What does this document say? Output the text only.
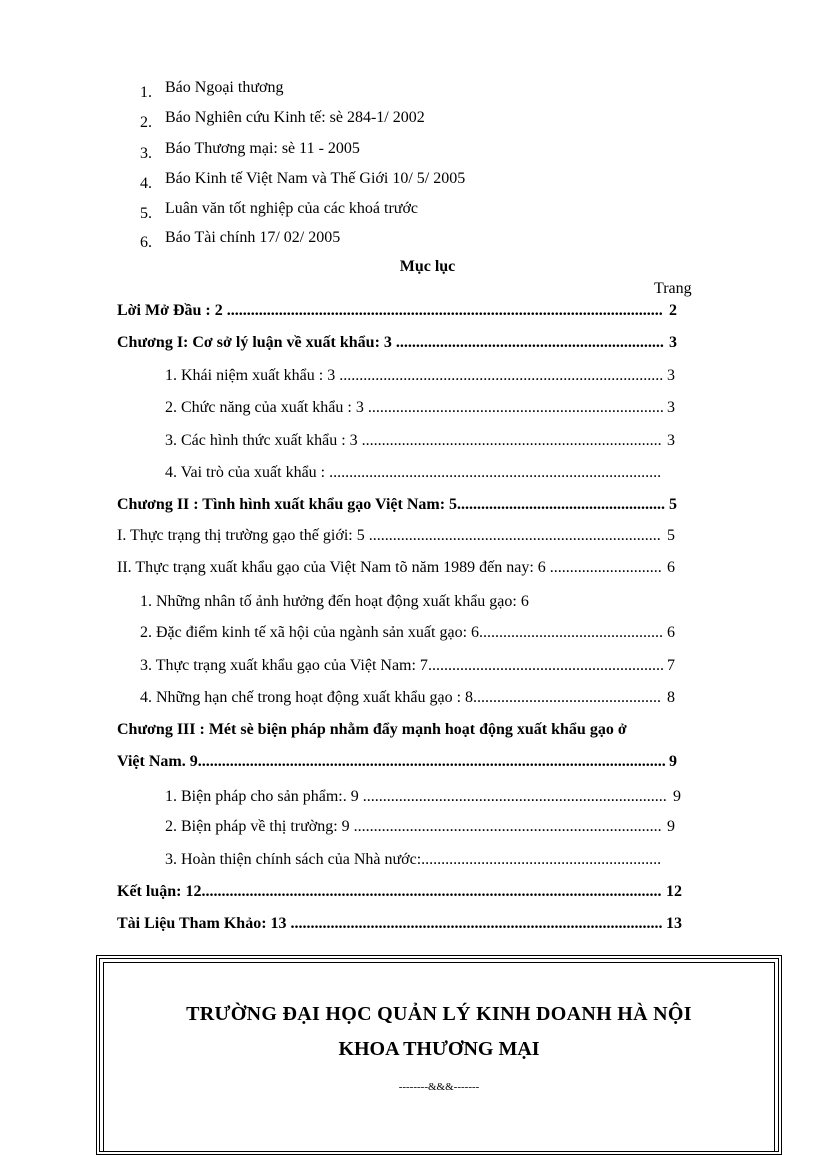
1. Báo Ngoại thương
2. Báo Nghiên cứu Kinh tế: sè 284-1/ 2002
3. Báo Thương mại: sè 11 - 2005
4. Báo Kinh tế Việt Nam và Thế Giới 10/ 5/ 2005
5. Luân văn tốt nghiệp của các khoá trước
6. Báo Tài chính 17/ 02/ 2005
Mục lục
Trang
Lời Mở Đầu : 2 ............................................................................................................. 2
Chương I: Cơ sở lý luận về xuất khẩu: 3 ................................................................... 3
1. Khái niệm xuất khẩu : 3 ................................................................................. 3
2. Chức năng của xuất khẩu : 3 .......................................................................... 3
3. Các hình thức xuất khẩu : 3 ........................................................................... 3
4. Vai trò của xuất khẩu : ...................................................................................
Chương II : Tình hình xuất khẩu gạo Việt Nam: 5.................................................... 5
I. Thực trạng thị trường gạo thế giới: 5 ......................................................................... 5
II. Thực trạng xuất khẩu gạo của Việt Nam tõ năm 1989 đến nay: 6 ............................ 6
1. Những nhân tố ảnh hưởng đến hoạt động xuất khẩu gạo: 6
2. Đặc điểm kinh tế xã hội của ngành sản xuất gạo: 6.............................................. 6
3. Thực trạng xuất khẩu gạo của Việt Nam: 7........................................................... 7
4. Những hạn chế trong hoạt động xuất khẩu gạo : 8............................................... 8
Chương III : Mét sè biện pháp nhằm đẩy mạnh hoạt động xuất khẩu gạo ở
Việt Nam. 9..................................................................................................................... 9
1. Biện pháp cho sản phẩm:. 9 ............................................................................ 9
2. Biện pháp về thị trường: 9 ............................................................................. 9
3. Hoàn thiện chính sách của Nhà nước:............................................................
Kết luận: 12................................................................................................................... 12
Tài Liệu Tham Khảo: 13 ............................................................................................. 13
TRƯỜNG ĐẠI HỌC QUẢN LÝ KINH DOANH HÀ NỘI
KHOA THƯƠNG MẠI
--------&&&-------
